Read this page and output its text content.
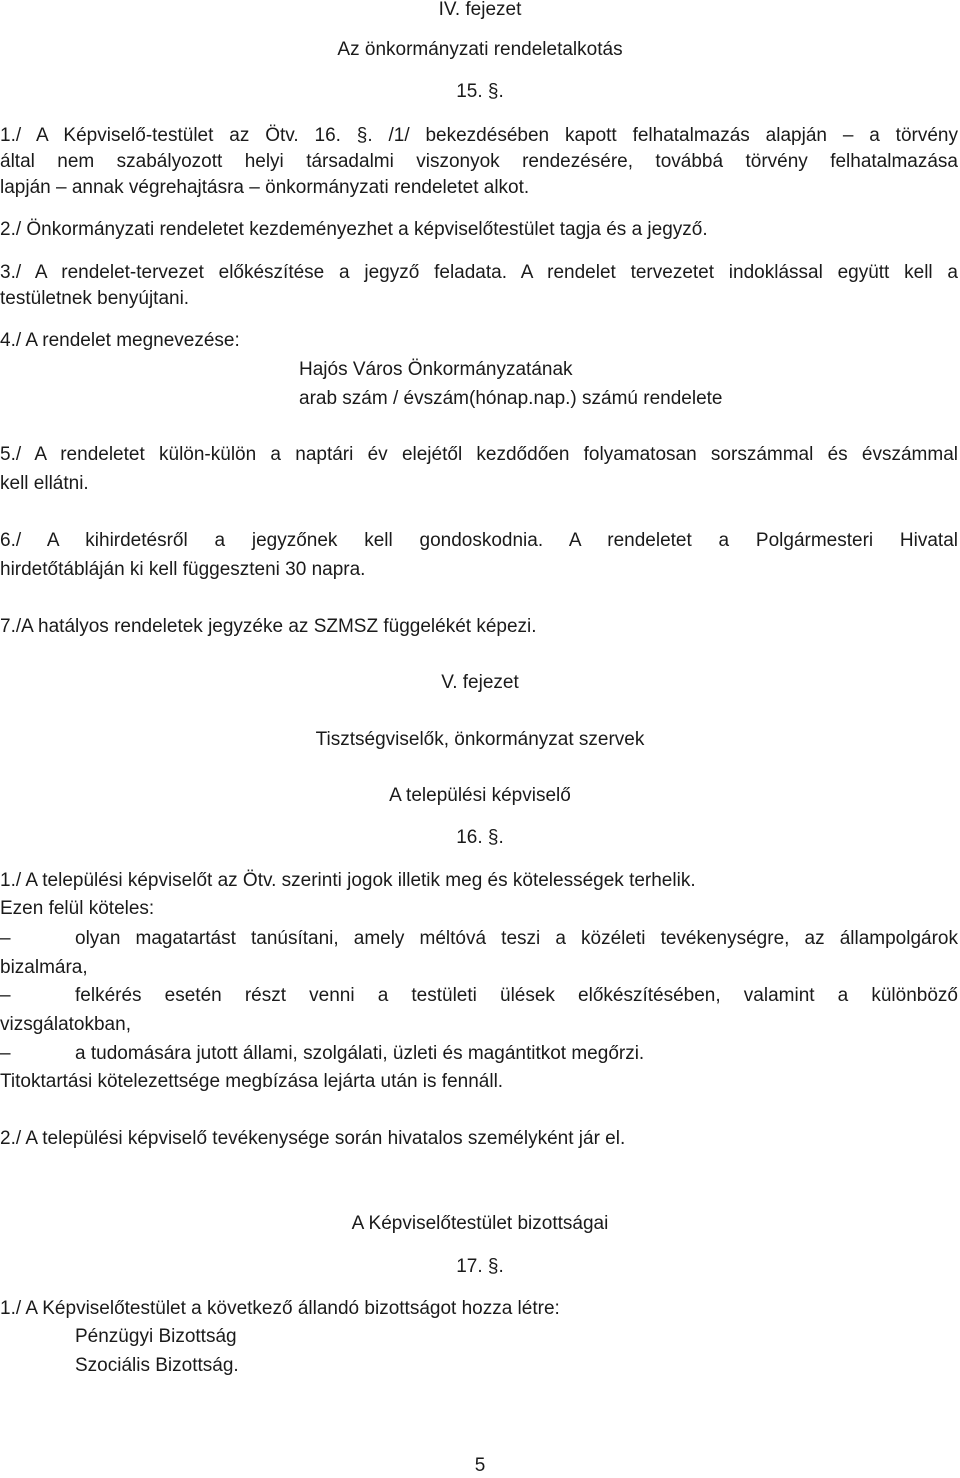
IV. fejezet

Az önkormányzati rendeletalkotás

15. §.

1./ A Képviselő-testület az Ötv. 16. §. /1/ bekezdésében kapott felhatalmazás alapján – a törvény

által nem szabályozott helyi társadalmi viszonyok rendezésére, továbbá törvény felhatalmazása

lapján – annak végrehajtásra – önkormányzati rendeletet alkot.

2./ Önkormányzati rendeletet kezdeményezhet a képviselőtestület tagja és a jegyző.

3./ A rendelet-tervezet előkészítése a jegyző feladata. A rendelet tervezetet indoklással együtt kell a

testületnek benyújtani.

4./ A rendelet megnevezése:

Hajós Város Önkormányzatának

arab szám / évszám(hónap.nap.) számú rendelete

5./ A rendeletet külön-külön a naptári év elejétől kezdődően folyamatosan sorszámmal és évszámmal

kell ellátni.

6./ A kihirdetésről a jegyzőnek kell gondoskodnia. A rendeletet a Polgármesteri Hivatal

hirdetőtábláján ki kell függeszteni 30 napra.

7./A hatályos rendeletek jegyzéke az SZMSZ függelékét képezi.

V. fejezet

Tisztségviselők, önkormányzat szervek

A települési képviselő

16. §.

1./ A települési képviselőt az Ötv. szerinti jogok illetik meg és kötelességek terhelik.

Ezen felül köteles:

–	olyan magatartást tanúsítani, amely méltóvá teszi a közéleti tevékenységre, az állampolgárok

bizalmára,

–	felkérés esetén részt venni a testületi ülések előkészítésében, valamint a különböző

vizsgálatokban,

–	a tudomására jutott állami, szolgálati, üzleti és magántitkot megőrzi.

Titoktartási kötelezettsége megbízása lejárta után is fennáll.

2./ A települési képviselő tevékenysége során hivatalos személyként jár el.

A Képviselőtestület bizottságai

17. §.

1./ A Képviselőtestület a következő állandó bizottságot hozza létre:

Pénzügyi Bizottság

Szociális Bizottság.

5
